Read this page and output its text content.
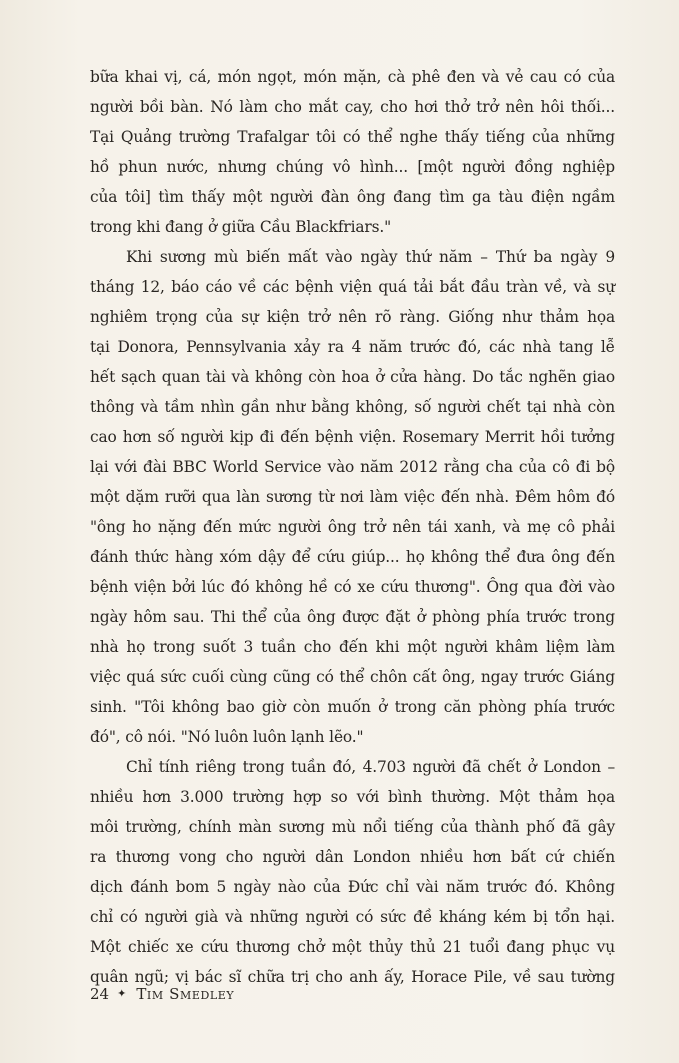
bữa khai vị, cá, món ngọt, món mặn, cà phê đen và vẻ cau có của
người bồi bàn. Nó làm cho mắt cay, cho hơi thở trở nên hôi thối...
Tại Quảng trường Trafalgar tôi có thể nghe thấy tiếng của những
hồ phun nước, nhưng chúng vô hình... [một người đồng nghiệp
của tôi] tìm thấy một người đàn ông đang tìm ga tàu điện ngầm
trong khi đang ở giữa Cầu Blackfriars."
Khi sương mù biến mất vào ngày thứ năm – Thứ ba ngày 9
tháng 12, báo cáo về các bệnh viện quá tải bắt đầu tràn về, và sự
nghiêm trọng của sự kiện trở nên rõ ràng. Giống như thảm họa
tại Donora, Pennsylvania xảy ra 4 năm trước đó, các nhà tang lễ
hết sạch quan tài và không còn hoa ở cửa hàng. Do tắc nghẽn giao
thông và tầm nhìn gần như bằng không, số người chết tại nhà còn
cao hơn số người kịp đi đến bệnh viện. Rosemary Merrit hồi tưởng
lại với đài BBC World Service vào năm 2012 rằng cha của cô đi bộ
một dặm rưỡi qua làn sương từ nơi làm việc đến nhà. Đêm hôm đó
"ông ho nặng đến mức người ông trở nên tái xanh, và mẹ cô phải
đánh thức hàng xóm dậy để cứu giúp... họ không thể đưa ông đến
bệnh viện bởi lúc đó không hề có xe cứu thương". Ông qua đời vào
ngày hôm sau. Thi thể của ông được đặt ở phòng phía trước trong
nhà họ trong suốt 3 tuần cho đến khi một người khâm liệm làm
việc quá sức cuối cùng cũng có thể chôn cất ông, ngay trước Giáng
sinh. "Tôi không bao giờ còn muốn ở trong căn phòng phía trước
đó", cô nói. "Nó luôn luôn lạnh lẽo."
Chỉ tính riêng trong tuần đó, 4.703 người đã chết ở London –
nhiều hơn 3.000 trường hợp so với bình thường. Một thảm họa
môi trường, chính màn sương mù nổi tiếng của thành phố đã gây
ra thương vong cho người dân London nhiều hơn bất cứ chiến
dịch đánh bom 5 ngày nào của Đức chỉ vài năm trước đó. Không
chỉ có người già và những người có sức đề kháng kém bị tổn hại.
Một chiếc xe cứu thương chở một thủy thủ 21 tuổi đang phục vụ
quân ngũ; vị bác sĩ chữa trị cho anh ấy, Horace Pile, về sau tường
24 ✦ Tim Smedley
